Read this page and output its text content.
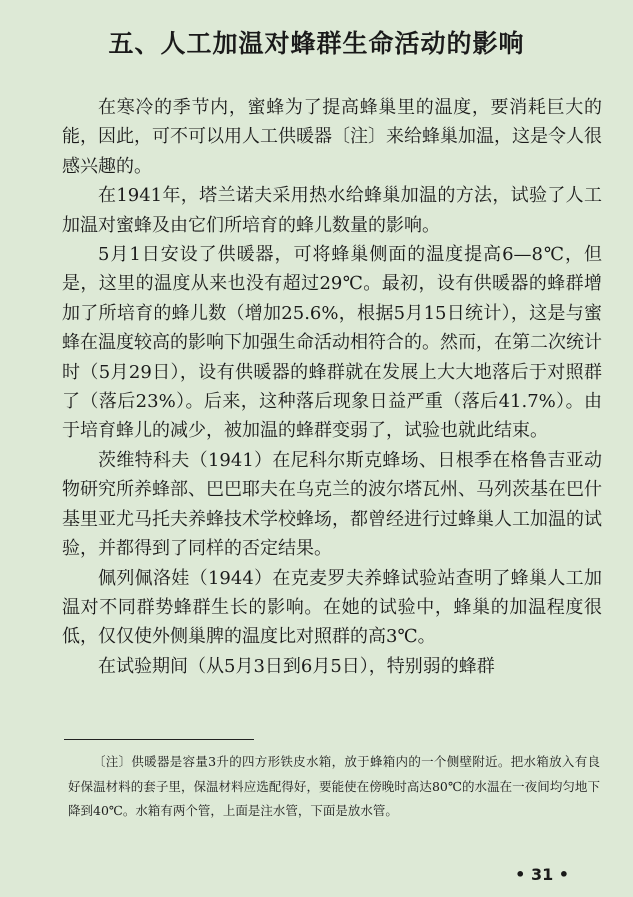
五、人工加温对蜂群生命活动的影响

在寒冷的季节内，蜜蜂为了提高蜂巢里的温度，要消耗巨大的能，因此，可不可以用人工供暖器〔注〕来给蜂巢加温，这是令人很感兴趣的。

在1941年，塔兰诺夫采用热水给蜂巢加温的方法，试验了人工加温对蜜蜂及由它们所培育的蜂儿数量的影响。

5月1日安设了供暖器，可将蜂巢侧面的温度提高6—8℃，但是，这里的温度从来也没有超过29℃。最初，设有供暖器的蜂群增加了所培育的蜂儿数（增加25.6%，根据5月15日统计），这是与蜜蜂在温度较高的影响下加强生命活动相符合的。然而，在第二次统计时（5月29日），设有供暖器的蜂群就在发展上大大地落后于对照群了（落后23%）。后来，这种落后现象日益严重（落后41.7%）。由于培育蜂儿的减少，被加温的蜂群变弱了，试验也就此结束。

茨维特科夫（1941）在尼科尔斯克蜂场、日根季在格鲁吉亚动物研究所养蜂部、巴巴耶夫在乌克兰的波尔塔瓦州、马列茨基在巴什基里亚尤马托夫养蜂技术学校蜂场，都曾经进行过蜂巢人工加温的试验，并都得到了同样的否定结果。

佩列佩洛娃（1944）在克麦罗夫养蜂试验站查明了蜂巢人工加温对不同群势蜂群生长的影响。在她的试验中，蜂巢的加温程度很低，仅仅使外侧巢脾的温度比对照群的高3℃。

在试验期间（从5月3日到6月5日），特别弱的蜂群

〔注〕供暖器是容量3升的四方形铁皮水箱，放于蜂箱内的一个侧壁附近。把水箱放入有良好保温材料的套子里，保温材料应选配得好，要能使在傍晚时高达80℃的水温在一夜间均匀地下降到40℃。水箱有两个管，上面是注水管，下面是放水管。

• 31 •
